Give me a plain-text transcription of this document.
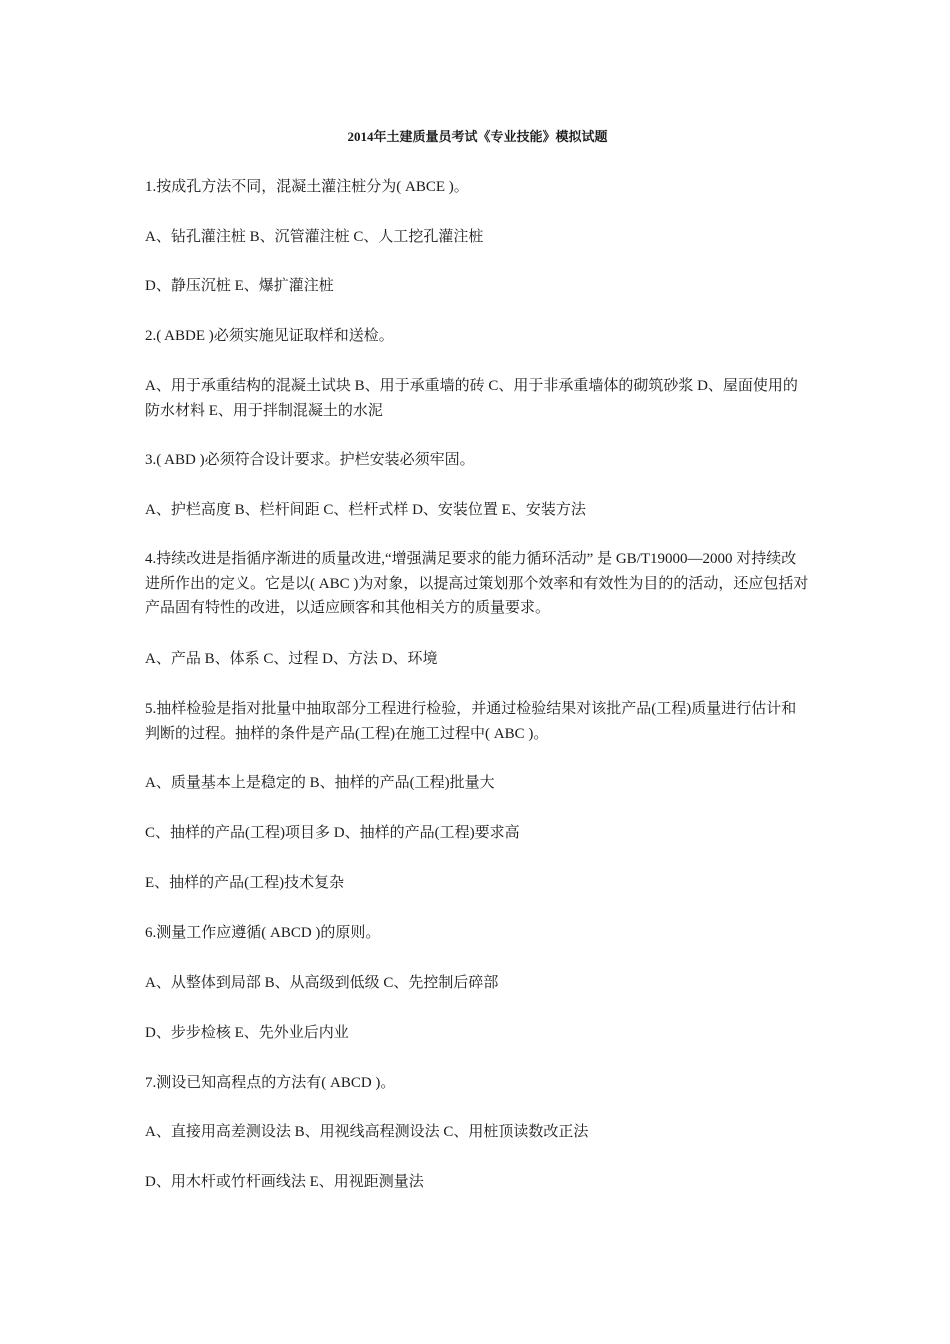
2014年土建质量员考试《专业技能》模拟试题

1.按成孔方法不同，混凝土灌注桩分为( ABCE )。

A、钻孔灌注桩 B、沉管灌注桩 C、人工挖孔灌注桩

D、静压沉桩 E、爆扩灌注桩

2.( ABDE )必须实施见证取样和送检。

A、用于承重结构的混凝土试块 B、用于承重墙的砖 C、用于非承重墙体的砌筑砂浆 D、屋面使用的防水材料 E、用于拌制混凝土的水泥

3.( ABD )必须符合设计要求。护栏安装必须牢固。

A、护栏高度 B、栏杆间距 C、栏杆式样 D、安装位置 E、安装方法

4.持续改进是指循序渐进的质量改进,“增强满足要求的能力循环活动” 是 GB/T19000—2000 对持续改进所作出的定义。它是以( ABC )为对象，以提高过策划那个效率和有效性为目的的活动，还应包括对产品固有特性的改进，以适应顾客和其他相关方的质量要求。

A、产品 B、体系 C、过程 D、方法 D、环境

5.抽样检验是指对批量中抽取部分工程进行检验，并通过检验结果对该批产品(工程)质量进行估计和判断的过程。抽样的条件是产品(工程)在施工过程中( ABC )。

A、质量基本上是稳定的 B、抽样的产品(工程)批量大

C、抽样的产品(工程)项目多 D、抽样的产品(工程)要求高

E、抽样的产品(工程)技术复杂

6.测量工作应遵循( ABCD )的原则。

A、从整体到局部 B、从高级到低级 C、先控制后碎部

D、步步检核 E、先外业后内业

7.测设已知高程点的方法有( ABCD )。

A、直接用高差测设法 B、用视线高程测设法 C、用桩顶读数改正法

D、用木杆或竹杆画线法 E、用视距测量法
